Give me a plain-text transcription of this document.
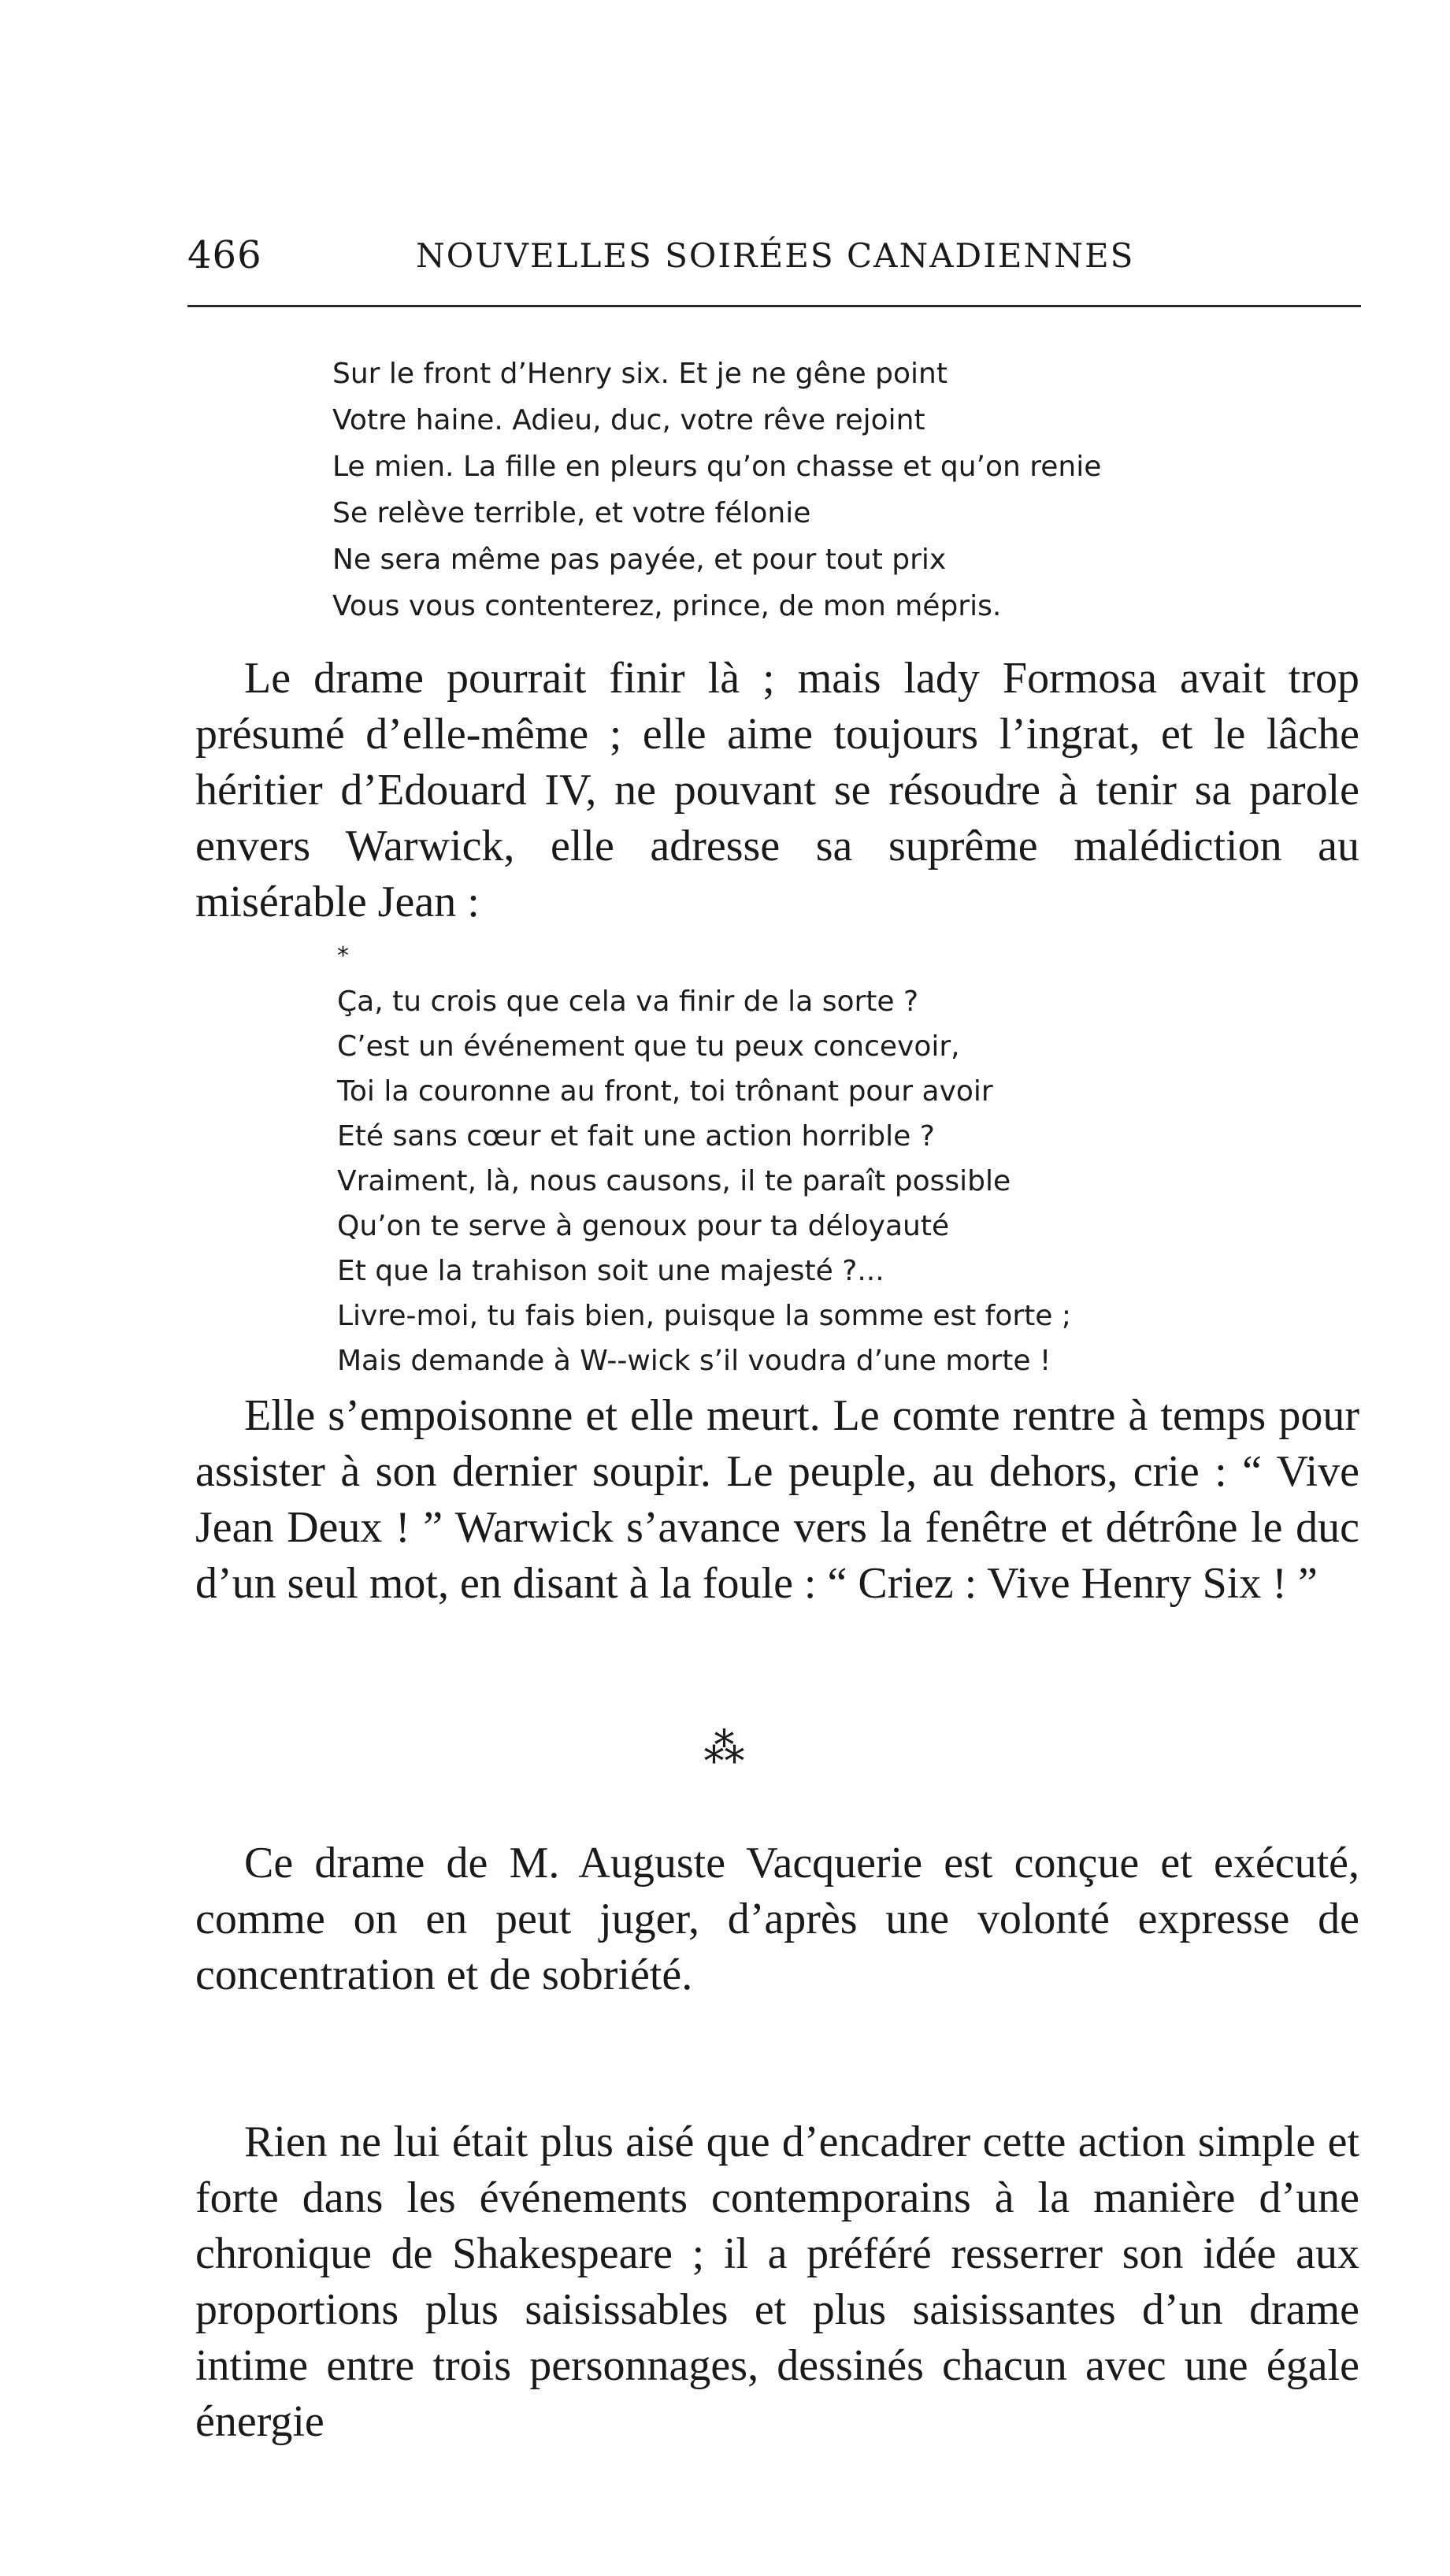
466	NOUVELLES SOIRÉES CANADIENNES
Sur le front d’Henry six. Et je ne gêne point
Votre haine. Adieu, duc, votre rêve rejoint
Le mien. La fille en pleurs qu’on chasse et qu’on renie
Se relève terrible, et votre félonie
Ne sera même pas payée, et pour tout prix
Vous vous contenterez, prince, de mon mépris.

Le drame pourrait finir là ; mais lady Formosa avait trop présumé d’elle-même ; elle aime toujours l’ingrat, et le lâche héritier d’Edouard IV, ne pouvant se résoudre à tenir sa parole envers Warwick, elle adresse sa suprême malédiction au misérable Jean :

*
Ça, tu crois que cela va finir de la sorte ?
C’est un événement que tu peux concevoir,
Toi la couronne au front, toi trônant pour avoir
Eté sans cœur et fait une action horrible ?
Vraiment, là, nous causons, il te paraît possible
Qu’on te serve à genoux pour ta déloyauté
Et que la trahison soit une majesté ?...
Livre-moi, tu fais bien, puisque la somme est forte ;
Mais demande à W--wick s’il voudra d’une morte !

Elle s’empoisonne et elle meurt. Le comte rentre à temps pour assister à son dernier soupir. Le peuple, au dehors, crie : “ Vive Jean Deux ! ” Warwick s’avance vers la fenêtre et détrône le duc d’un seul mot, en disant à la foule : “ Criez : Vive Henry Six ! ”

⁂

Ce drame de M. Auguste Vacquerie est conçue et exécuté, comme on en peut juger, d’après une volonté expresse de concentration et de sobriété.

Rien ne lui était plus aisé que d’encadrer cette action simple et forte dans les événements contemporains à la manière d’une chronique de Shakespeare ; il a préféré resserrer son idée aux proportions plus saisissables et plus saisissantes d’un drame intime entre trois personnages, dessinés chacun avec une égale énergie
